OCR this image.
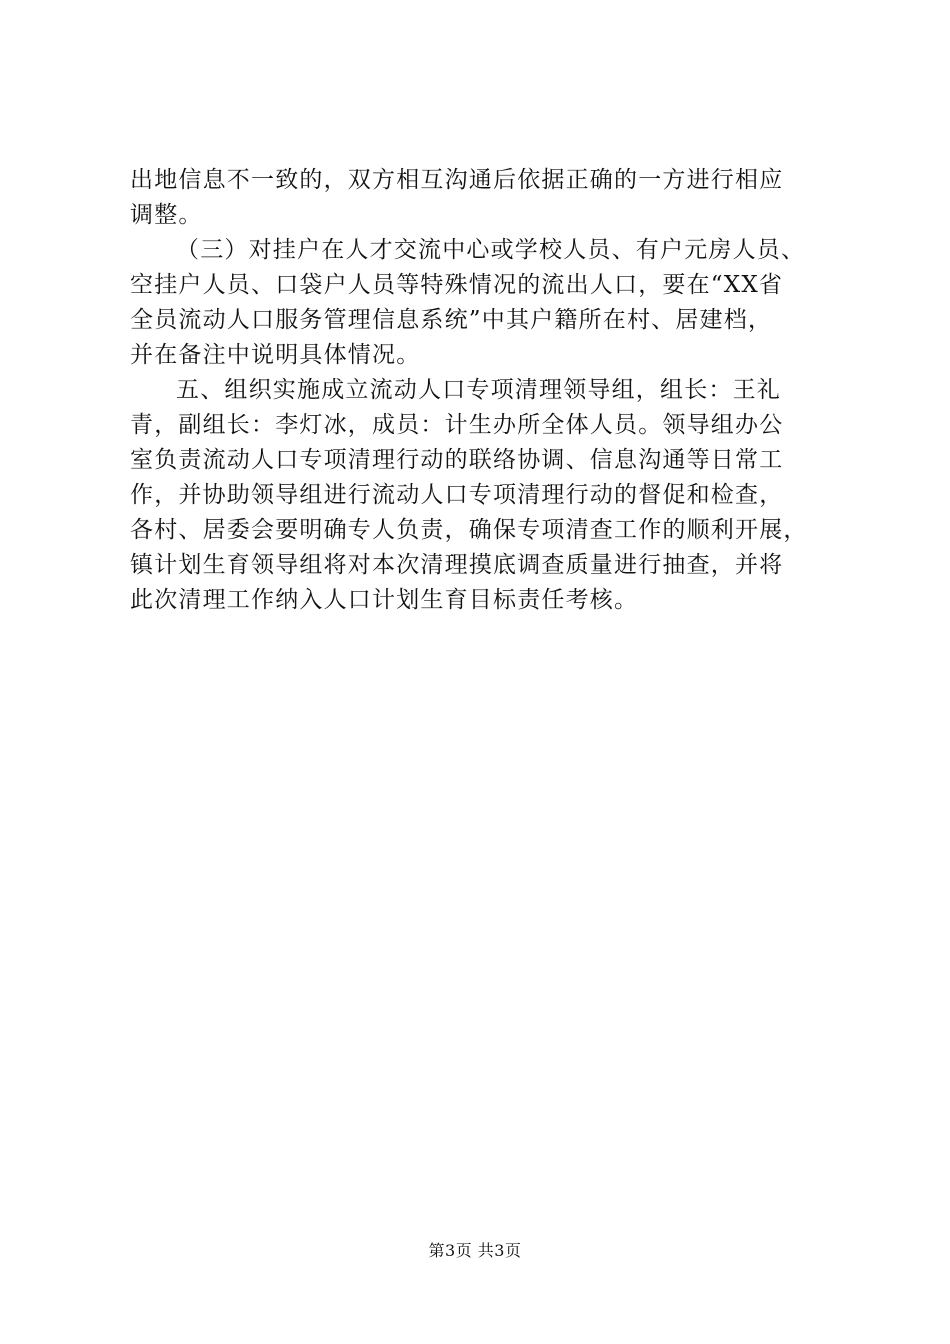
出地信息不一致的，双方相互沟通后依据正确的一方进行相应
调整。
（三）对挂户在人才交流中心或学校人员、有户元房人员、
空挂户人员、口袋户人员等特殊情况的流出人口，要在“XX省
全员流动人口服务管理信息系统”中其户籍所在村、居建档，
并在备注中说明具体情况。
五、组织实施成立流动人口专项清理领导组，组长：王礼
青，副组长：李灯冰，成员：计生办所全体人员。领导组办公
室负责流动人口专项清理行动的联络协调、信息沟通等日常工
作，并协助领导组进行流动人口专项清理行动的督促和检查，
各村、居委会要明确专人负责，确保专项清查工作的顺利开展，
镇计划生育领导组将对本次清理摸底调查质量进行抽查，并将
此次清理工作纳入人口计划生育目标责任考核。
第3页 共3页
